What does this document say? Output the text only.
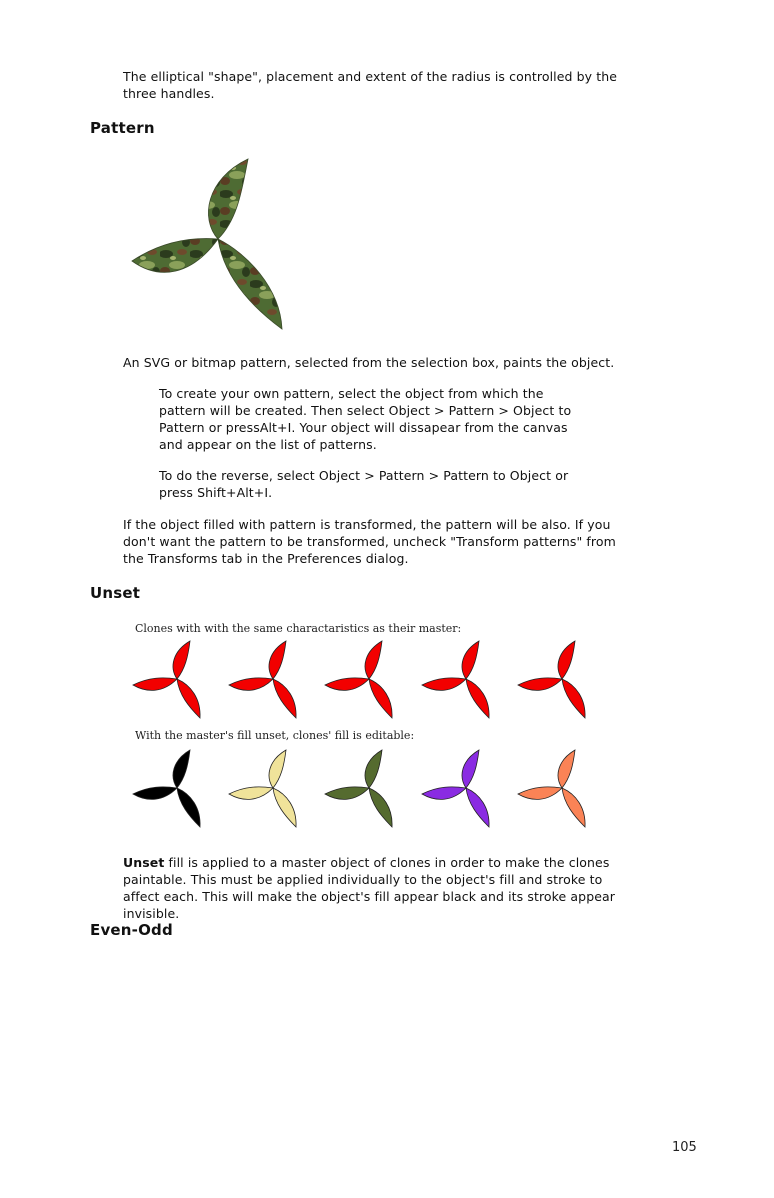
The elliptical "shape", placement and extent of the radius is controlled by the three handles.

Pattern

An SVG or bitmap pattern, selected from the selection box, paints the object.

To create your own pattern, select the object from which the pattern will be created. Then select Object > Pattern > Object to Pattern or pressAlt+I. Your object will dissapear from the canvas and appear on the list of patterns.

To do the reverse, select Object > Pattern > Pattern to Object or press Shift+Alt+I.

If the object filled with pattern is transformed, the pattern will be also. If you don't want the pattern to be transformed, uncheck "Transform patterns" from the Transforms tab in the Preferences dialog.

Unset

Clones with with the same charactaristics as their master:

With the master's fill unset, clones' fill is editable:

Unset fill is applied to a master object of clones in order to make the clones paintable. This must be applied individually to the object's fill and stroke to affect each. This will make the object's fill appear black and its stroke appear invisible.

Even-Odd
105
